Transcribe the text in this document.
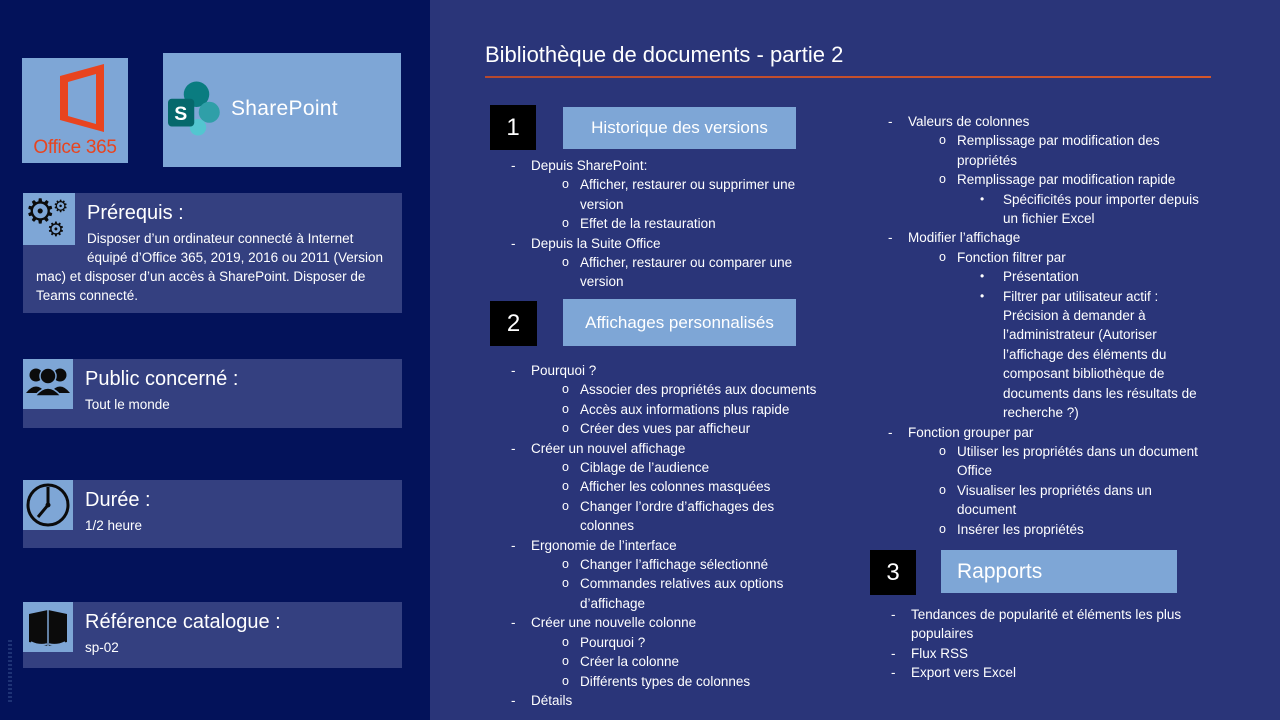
Office 365
S SharePoint
⚙
⚙
⚙
Prérequis :
Disposer d’un ordinateur connecté à Internet équipé d’Office 365, 2019, 2016 ou 2011 (Version mac) et disposer d’un accès à SharePoint. Disposer de Teams connecté.
Public concerné :
Tout le monde
Durée :
1/2 heure
Référence catalogue :
sp-02
Bibliothèque de documents - partie 2
1	Historique des versions
- Depuis SharePoint:
o Afficher, restaurer ou supprimer une version
o Effet de la restauration
- Depuis la Suite Office
o Afficher, restaurer ou comparer une version
2	Affichages personnalisés
- Pourquoi ?
o Associer des propriétés aux documents
o Accès aux informations plus rapide
o Créer des vues par afficheur
- Créer un nouvel affichage
o Ciblage de l’audience
o Afficher les colonnes masquées
o Changer l’ordre d’affichages des colonnes
- Ergonomie de l’interface
o Changer l’affichage sélectionné
o Commandes relatives aux options d’affichage
- Créer une nouvelle colonne
o Pourquoi ?
o Créer la colonne
o Différents types de colonnes
- Détails
- Valeurs de colonnes
o Remplissage par modification des propriétés
o Remplissage par modification rapide
• Spécificités pour importer depuis un fichier Excel
- Modifier l’affichage
o Fonction filtrer par
• Présentation
• Filtrer par utilisateur actif : Précision à demander à l’administrateur (Autoriser l’affichage des éléments du composant bibliothèque de documents dans les résultats de recherche ?)
- Fonction grouper par
o Utiliser les propriétés dans un document Office
o Visualiser les propriétés dans un document
o Insérer les propriétés
3	Rapports
- Tendances de popularité et éléments les plus populaires
- Flux RSS
- Export vers Excel
